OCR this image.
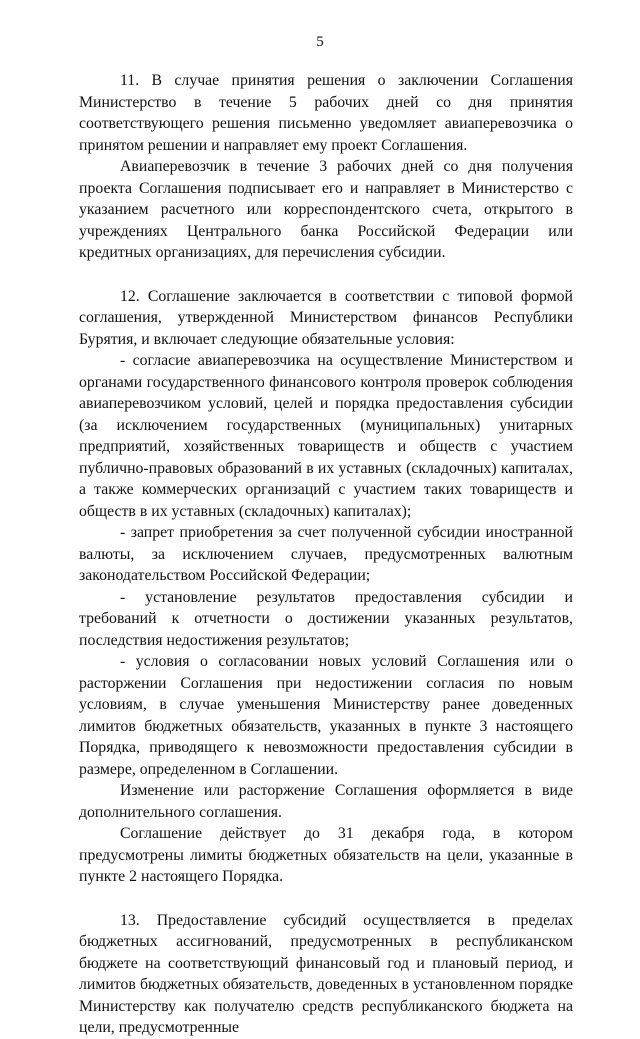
5

11. В случае принятия решения о заключении Соглашения Министерство в течение 5 рабочих дней со дня принятия соответствующего решения письменно уведомляет авиаперевозчика о принятом решении и направляет ему проект Соглашения.

Авиаперевозчик в течение 3 рабочих дней со дня получения проекта Соглашения подписывает его и направляет в Министерство с указанием расчетного или корреспондентского счета, открытого в учреждениях Центрального банка Российской Федерации или кредитных организациях, для перечисления субсидии.

12. Соглашение заключается в соответствии с типовой формой соглашения, утвержденной Министерством финансов Республики Бурятия, и включает следующие обязательные условия:

- согласие авиаперевозчика на осуществление Министерством и органами государственного финансового контроля проверок соблюдения авиаперевозчиком условий, целей и порядка предоставления субсидии (за исключением государственных (муниципальных) унитарных предприятий, хозяйственных товариществ и обществ с участием публично-правовых образований в их уставных (складочных) капиталах, а также коммерческих организаций с участием таких товариществ и обществ в их уставных (складочных) капиталах);

- запрет приобретения за счет полученной субсидии иностранной валюты, за исключением случаев, предусмотренных валютным законодательством Российской Федерации;

- установление результатов предоставления субсидии и требований к отчетности о достижении указанных результатов, последствия недостижения результатов;

- условия о согласовании новых условий Соглашения или о расторжении Соглашения при недостижении согласия по новым условиям, в случае уменьшения Министерству ранее доведенных лимитов бюджетных обязательств, указанных в пункте 3 настоящего Порядка, приводящего к невозможности предоставления субсидии в размере, определенном в Соглашении.

Изменение или расторжение Соглашения оформляется в виде дополнительного соглашения.

Соглашение действует до 31 декабря года, в котором предусмотрены лимиты бюджетных обязательств на цели, указанные в пункте 2 настоящего Порядка.

13. Предоставление субсидий осуществляется в пределах бюджетных ассигнований, предусмотренных в республиканском бюджете на соответствующий финансовый год и плановый период, и лимитов бюджетных обязательств, доведенных в установленном порядке Министерству как получателю средств республиканского бюджета на цели, предусмотренные
